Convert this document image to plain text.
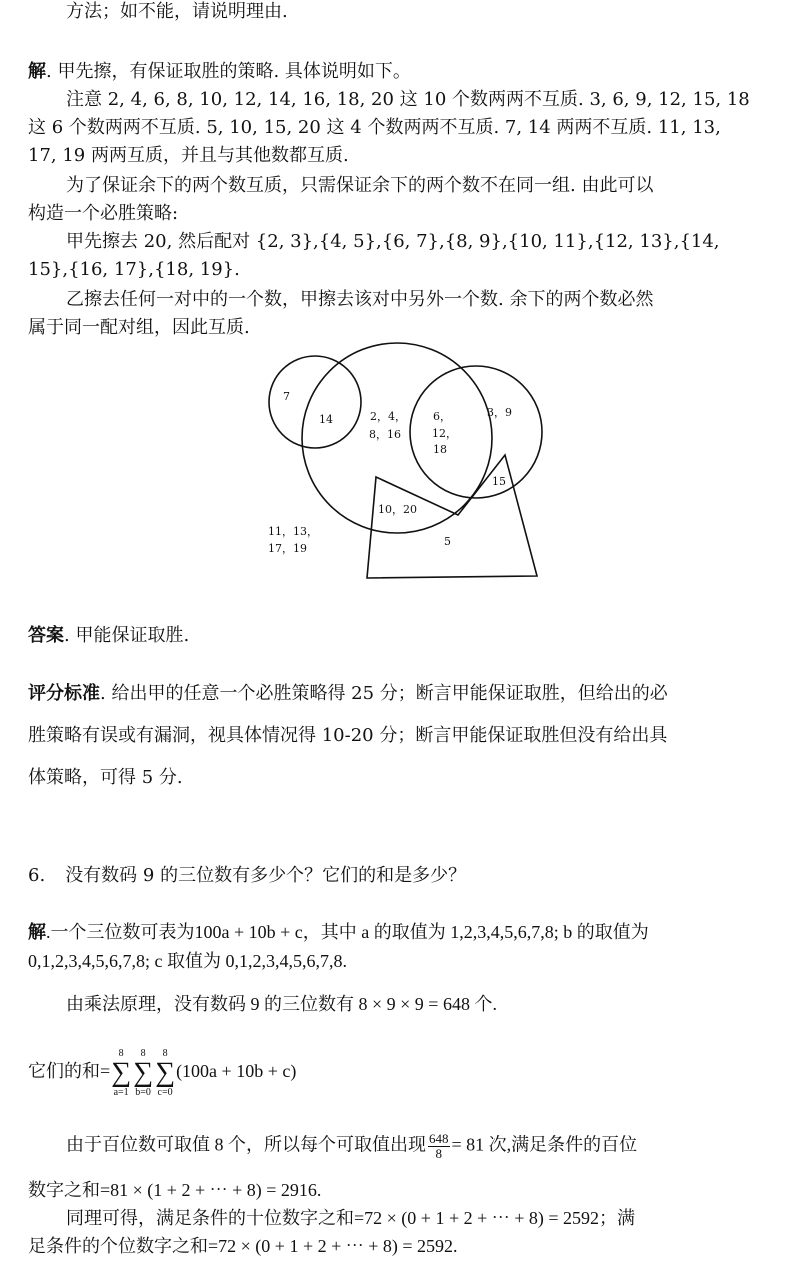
方法；如不能，请说明理由.
解. 甲先擦，有保证取胜的策略. 具体说明如下。
注意 2, 4, 6, 8, 10, 12, 14, 16, 18, 20 这 10 个数两两不互质. 3, 6, 9, 12, 15, 18
这 6 个数两两不互质. 5, 10, 15, 20 这 4 个数两两不互质. 7, 14 两两不互质. 11, 13,
17, 19 两两互质，并且与其他数都互质.
为了保证余下的两个数互质，只需保证余下的两个数不在同一组. 由此可以
构造一个必胜策略:
甲先擦去 20, 然后配对 {2, 3},{4, 5},{6, 7},{8, 9},{10, 11},{12, 13},{14,
15},{16, 17},{18, 19}.
乙擦去任何一对中的一个数，甲擦去该对中另外一个数. 余下的两个数必然
属于同一配对组，因此互质.
7
14	2，4，
8，16
6，
12，
18
3，9
15
10，20
5
11，13，
17，19
答案. 甲能保证取胜.
评分标准. 给出甲的任意一个必胜策略得 25 分；断言甲能保证取胜，但给出的必
胜策略有误或有漏洞，视具体情况得 10-20 分；断言甲能保证取胜但没有给出具
体策略，可得 5 分.
6. 没有数码 9 的三位数有多少个？它们的和是多少？
解.一个三位数可表为100a + 10b + c，其中 a 的取值为 1,2,3,4,5,6,7,8; b 的取值为
0,1,2,3,4,5,6,7,8; c 取值为 0,1,2,3,4,5,6,7,8.
由乘法原理，没有数码 9 的三位数有 8 × 9 × 9 = 648 个.
它们的和=8
∑
a=18
∑
b=08
∑
c=0(100a + 10b + c)
由于百位数可取值 8 个，所以每个可取值出现 $\frac{648}{8} = 81$ 次,满足条件的百位
数字之和=81 × (1 + 2 + ⋯ + 8) = 2916.
同理可得，满足条件的十位数字之和=72 × (0 + 1 + 2 + ⋯ + 8) = 2592；满
足条件的个位数字之和=72 × (0 + 1 + 2 + ⋯ + 8) = 2592.
